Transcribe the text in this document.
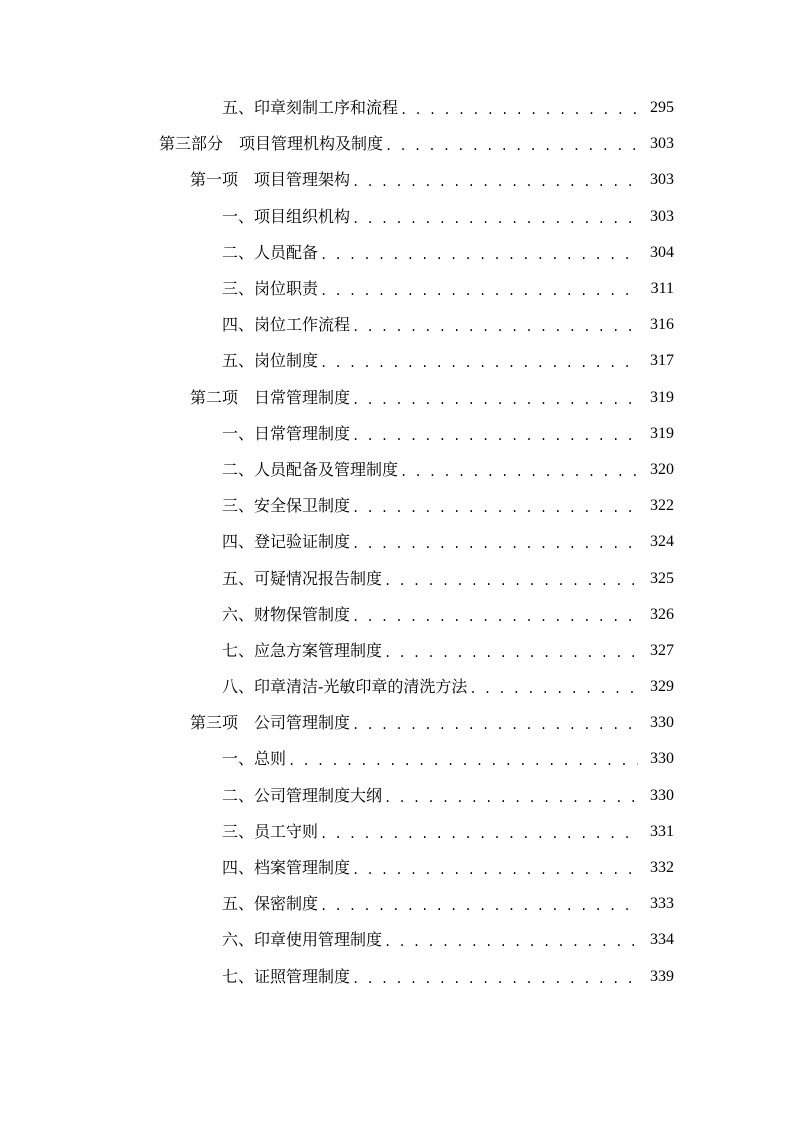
五、印章刻制工序和流程 . . .	295
第三部分　项目管理机构及制度 . . .	303
第一项　项目管理架构 . . .	303
一、项目组织机构 . . .	303
二、人员配备 . . .	304
三、岗位职责 . . .	311
四、岗位工作流程 . . .	316
五、岗位制度 . . .	317
第二项　日常管理制度 . . .	319
一、日常管理制度 . . .	319
二、人员配备及管理制度 . . .	320
三、安全保卫制度 . . .	322
四、登记验证制度 . . .	324
五、可疑情况报告制度 . . .	325
六、财物保管制度 . . .	326
七、应急方案管理制度 . . .	327
八、印章清洁-光敏印章的清洗方法 . . .	329
第三项　公司管理制度 . . .	330
一、总则 . . .	330
二、公司管理制度大纲 . . .	330
三、员工守则 . . .	331
四、档案管理制度 . . .	332
五、保密制度 . . .	333
六、印章使用管理制度 . . .	334
七、证照管理制度 . . .	339
